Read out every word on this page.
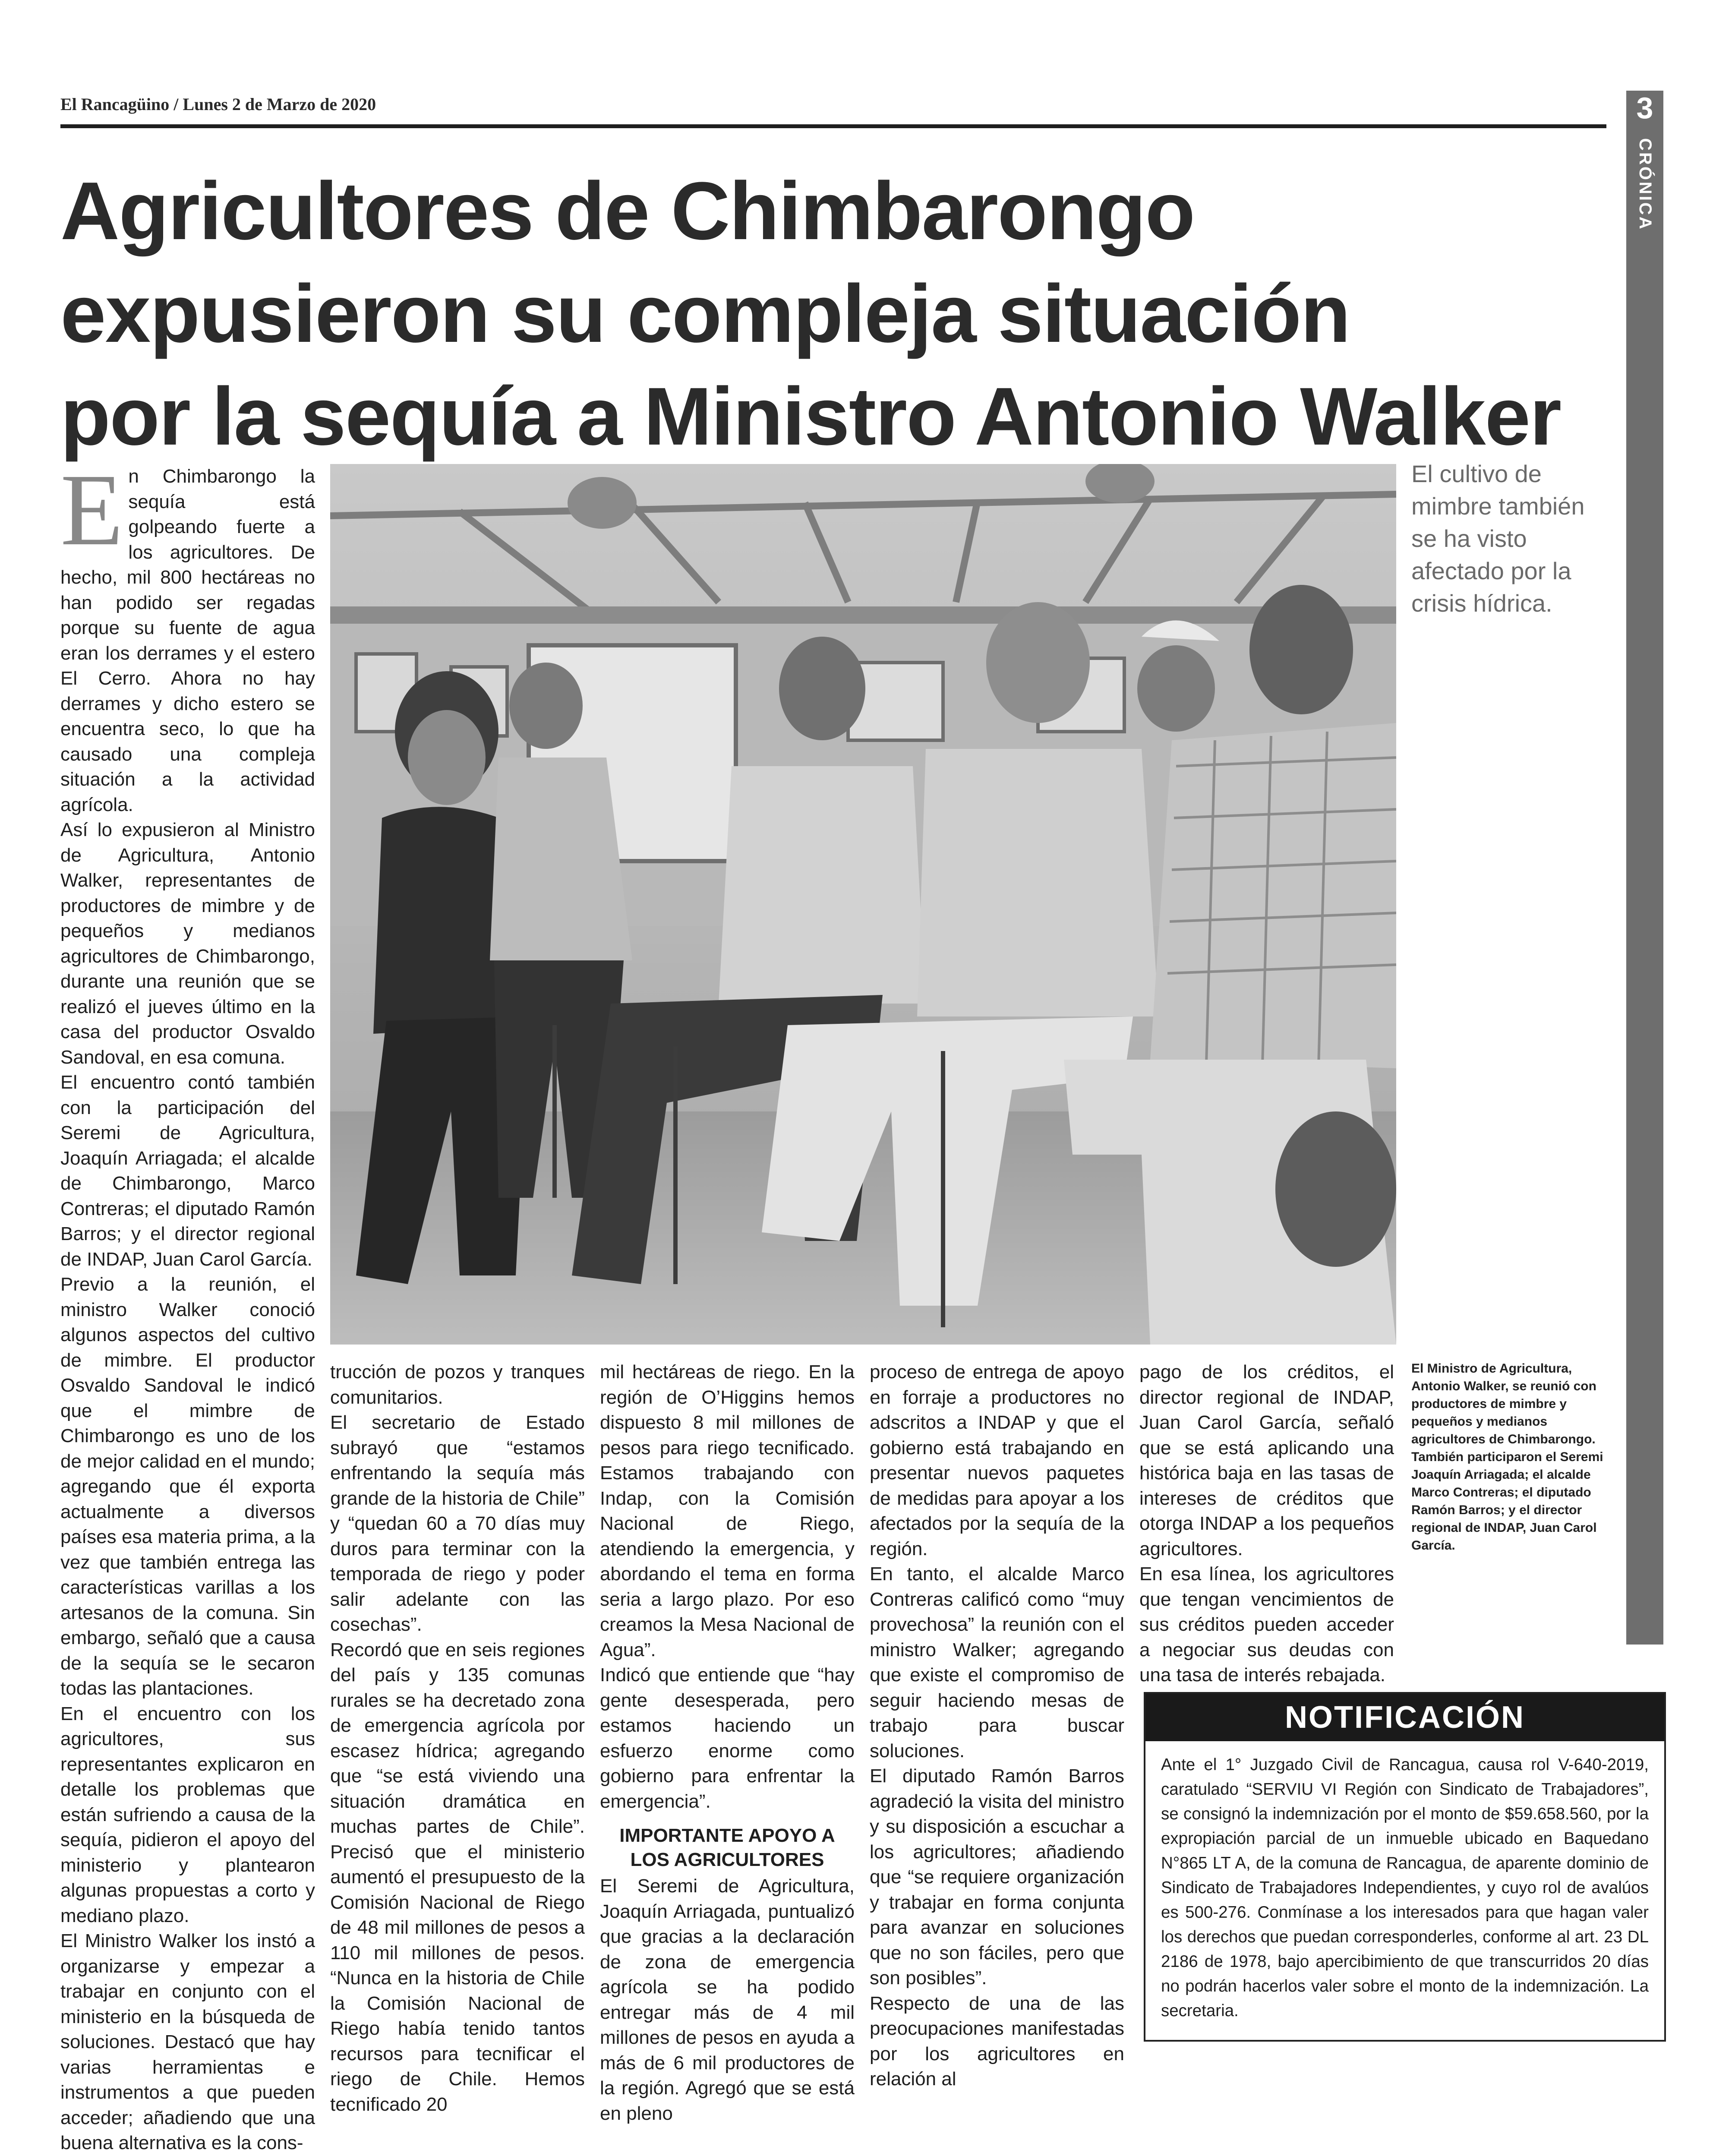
El Rancagüino / Lunes 2 de Marzo de 2020	3
CRÓNICA
Agricultores de Chimbarongo
expusieron su compleja situación
por la sequía a Ministro Antonio Walker
El cultivo de mimbre también se ha visto afectado por la crisis hídrica.
El Ministro de Agricultura, Antonio Walker, se reunió con productores de mimbre y pequeños y medianos agricultores de Chimbarongo. También participaron el Seremi Joaquín Arriagada; el alcalde Marco Contreras; el diputado Ramón Barros; y el director regional de INDAP, Juan Carol García.
E n Chimbarongo la sequía está golpeando fuerte a los agricultores. De hecho, mil 800 hectáreas no han podido ser regadas porque su fuente de agua eran los derrames y el estero El Cerro. Ahora no hay derrames y dicho estero se encuentra seco, lo que ha causado una compleja situación a la actividad agrícola.

Así lo expusieron al Ministro de Agricultura, Antonio Walker, representantes de productores de mimbre y de pequeños y medianos agricultores de Chimbarongo, durante una reunión que se realizó el jueves último en la casa del productor Osvaldo Sandoval, en esa comuna.

El encuentro contó también con la participación del Seremi de Agricultura, Joaquín Arriagada; el alcalde de Chimbarongo, Marco Contreras; el diputado Ramón Barros; y el director regional de INDAP, Juan Carol García.

Previo a la reunión, el ministro Walker conoció algunos aspectos del cultivo de mimbre. El productor Osvaldo Sandoval le indicó que el mimbre de Chimbarongo es uno de los de mejor calidad en el mundo; agregando que él exporta actualmente a diversos países esa materia prima, a la vez que también entrega las características varillas a los artesanos de la comuna. Sin embargo, señaló que a causa de la sequía se le secaron todas las plantaciones.

En el encuentro con los agricultores, sus representantes explicaron en detalle los problemas que están sufriendo a causa de la sequía, pidieron el apoyo del ministerio y plantearon algunas propuestas a corto y mediano plazo.

El Ministro Walker los instó a organizarse y empezar a trabajar en conjunto con el ministerio en la búsqueda de soluciones. Destacó que hay varias herramientas e instrumentos a que pueden acceder; añadiendo que una buena alternativa es la cons-

trucción de pozos y tranques comunitarios.

El secretario de Estado subrayó que “estamos enfrentando la sequía más grande de la historia de Chile” y “quedan 60 a 70 días muy duros para terminar con la temporada de riego y poder salir adelante con las cosechas”.

Recordó que en seis regiones del país y 135 comunas rurales se ha decretado zona de emergencia agrícola por escasez hídrica; agregando que “se está viviendo una situación dramática en muchas partes de Chile”. Precisó que el ministerio aumentó el presupuesto de la Comisión Nacional de Riego de 48 mil millones de pesos a 110 mil millones de pesos. “Nunca en la historia de Chile la Comisión Nacional de Riego había tenido tantos recursos para tecnificar el riego de Chile. Hemos tecnificado 20

mil hectáreas de riego. En la región de O’Higgins hemos dispuesto 8 mil millones de pesos para riego tecnificado. Estamos trabajando con Indap, con la Comisión Nacional de Riego, atendiendo la emergencia, y abordando el tema en forma seria a largo plazo. Por eso creamos la Mesa Nacional de Agua”.

Indicó que entiende que “hay gente desesperada, pero estamos haciendo un esfuerzo enorme como gobierno para enfrentar la emergencia”.

IMPORTANTE APOYO A LOS AGRICULTORES

El Seremi de Agricultura, Joaquín Arriagada, puntualizó que gracias a la declaración de zona de emergencia agrícola se ha podido entregar más de 4 mil millones de pesos en ayuda a más de 6 mil productores de la región. Agregó que se está en pleno

proceso de entrega de apoyo en forraje a productores no adscritos a INDAP y que el gobierno está trabajando en presentar nuevos paquetes de medidas para apoyar a los afectados por la sequía de la región.

En tanto, el alcalde Marco Contreras calificó como “muy provechosa” la reunión con el ministro Walker; agregando que existe el compromiso de seguir haciendo mesas de trabajo para buscar soluciones.

El diputado Ramón Barros agradeció la visita del ministro y su disposición a escuchar a los agricultores; añadiendo que “se requiere organización y trabajar en forma conjunta para avanzar en soluciones que no son fáciles, pero que son posibles”.

Respecto de una de las preocupaciones manifestadas por los agricultores en relación al

pago de los créditos, el director regional de INDAP, Juan Carol García, señaló que se está aplicando una histórica baja en las tasas de intereses de créditos que otorga INDAP a los pequeños agricultores.

En esa línea, los agricultores que tengan vencimientos de sus créditos pueden acceder a negociar sus deudas con una tasa de interés rebajada.

NOTIFICACIÓN
Ante el 1° Juzgado Civil de Rancagua, causa rol V-640-2019, caratulado “SERVIU VI Región con Sindicato de Trabajadores”, se consignó la indemnización por el monto de $59.658.560, por la expropiación parcial de un inmueble ubicado en Baquedano N°865 LT A, de la comuna de Rancagua, de aparente dominio de Sindicato de Trabajadores Independientes, y cuyo rol de avalúos es 500-276. Conmínase a los interesados para que hagan valer los derechos que puedan corresponderles, conforme al art. 23 DL 2186 de 1978, bajo apercibimiento de que transcurridos 20 días no podrán hacerlos valer sobre el monto de la indemnización. La secretaria.
